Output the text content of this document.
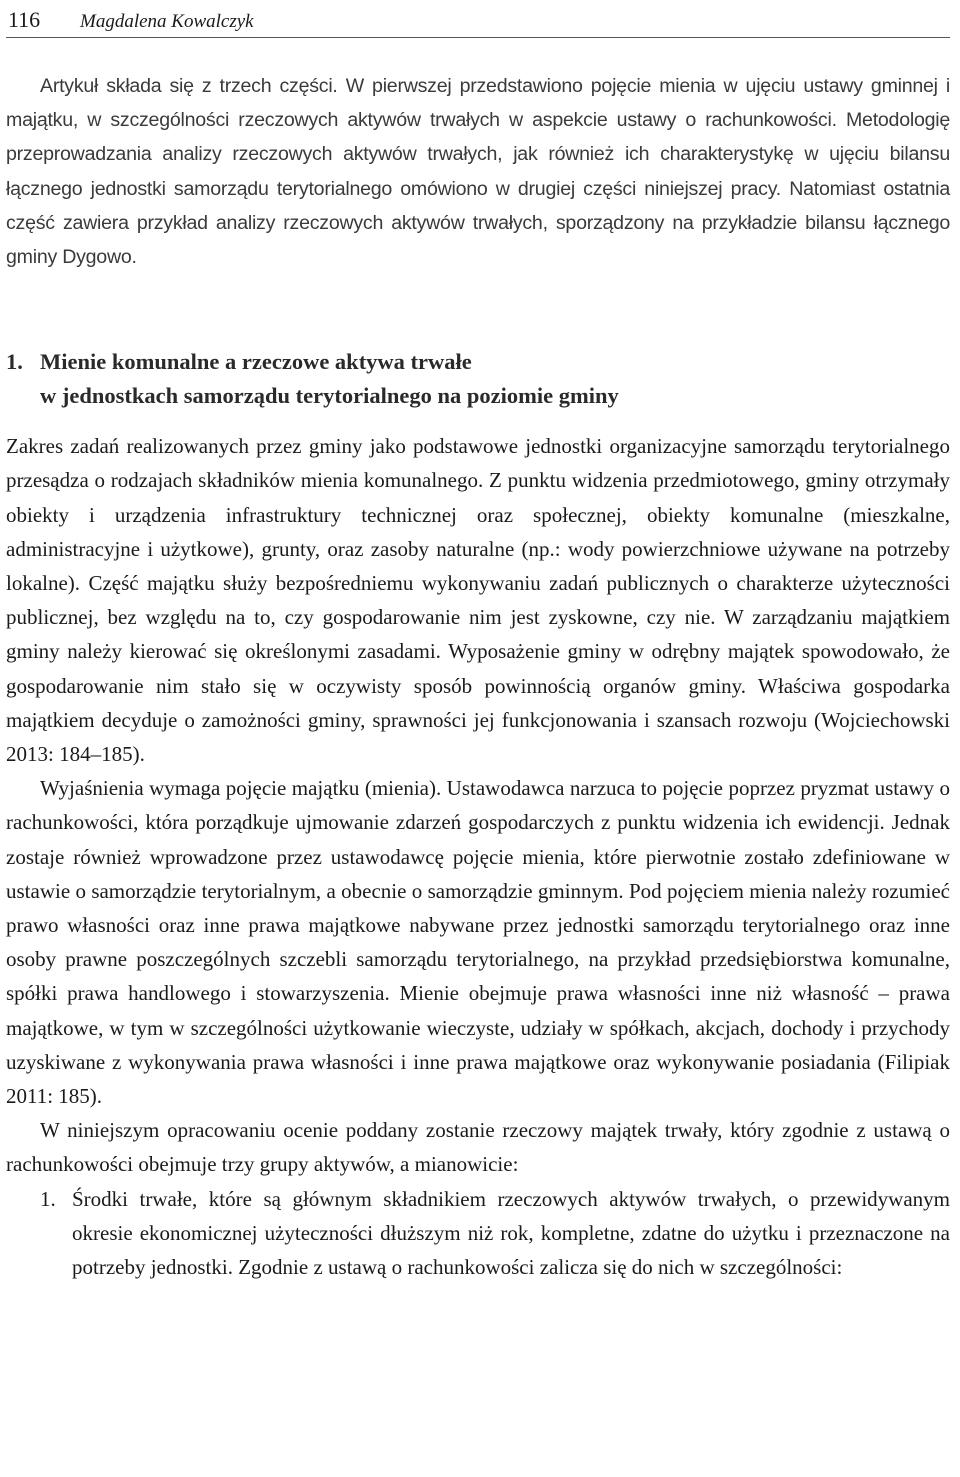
116	Magdalena Kowalczyk

Artykuł składa się z trzech części. W pierwszej przedstawiono pojęcie mienia w ujęciu ustawy gminnej i majątku, w szczególności rzeczowych aktywów trwałych w aspekcie ustawy o rachunkowości. Metodologię przeprowadzania analizy rzeczowych aktywów trwałych, jak również ich charakterystykę w ujęciu bilansu łącznego jednostki samorządu terytorialnego omówiono w drugiej części niniejszej pracy. Natomiast ostatnia część zawiera przykład analizy rzeczowych aktywów trwałych, sporządzony na przykładzie bilansu łącznego gminy Dygowo.

1. Mienie komunalne a rzeczowe aktywa trwałe
w jednostkach samorządu terytorialnego na poziomie gminy

Zakres zadań realizowanych przez gminy jako podstawowe jednostki organizacyjne samorządu terytorialnego przesądza o rodzajach składników mienia komunalnego. Z punktu widzenia przedmiotowego, gminy otrzymały obiekty i urządzenia infrastruktury technicznej oraz społecznej, obiekty komunalne (mieszkalne, administracyjne i użytkowe), grunty, oraz zasoby naturalne (np.: wody powierzchniowe używane na potrzeby lokalne). Część majątku służy bezpośredniemu wykonywaniu zadań publicznych o charakterze użyteczności publicznej, bez względu na to, czy gospodarowanie nim jest zyskowne, czy nie. W zarządzaniu majątkiem gminy należy kierować się określonymi zasadami. Wyposażenie gminy w odrębny majątek spowodowało, że gospodarowanie nim stało się w oczywisty sposób powinnością organów gminy. Właściwa gospodarka majątkiem decyduje o zamożności gminy, sprawności jej funkcjonowania i szansach rozwoju (Wojciechowski 2013: 184–185).

Wyjaśnienia wymaga pojęcie majątku (mienia). Ustawodawca narzuca to pojęcie poprzez pryzmat ustawy o rachunkowości, która porządkuje ujmowanie zdarzeń gospodarczych z punktu widzenia ich ewidencji. Jednak zostaje również wprowadzone przez ustawodawcę pojęcie mienia, które pierwotnie zostało zdefiniowane w ustawie o samorządzie terytorialnym, a obecnie o samorządzie gminnym. Pod pojęciem mienia należy rozumieć prawo własności oraz inne prawa majątkowe nabywane przez jednostki samorządu terytorialnego oraz inne osoby prawne poszczególnych szczebli samorządu terytorialnego, na przykład przedsiębiorstwa komunalne, spółki prawa handlowego i stowarzyszenia. Mienie obejmuje prawa własności inne niż własność – prawa majątkowe, w tym w szczególności użytkowanie wieczyste, udziały w spółkach, akcjach, dochody i przychody uzyskiwane z wykonywania prawa własności i inne prawa majątkowe oraz wykonywanie posiadania (Filipiak 2011: 185).

W niniejszym opracowaniu ocenie poddany zostanie rzeczowy majątek trwały, który zgodnie z ustawą o rachunkowości obejmuje trzy grupy aktywów, a mianowicie:

1. Środki trwałe, które są głównym składnikiem rzeczowych aktywów trwałych, o przewidywanym okresie ekonomicznej użyteczności dłuższym niż rok, kompletne, zdatne do użytku i przeznaczone na potrzeby jednostki. Zgodnie z ustawą o rachunkowości zalicza się do nich w szczególności:
